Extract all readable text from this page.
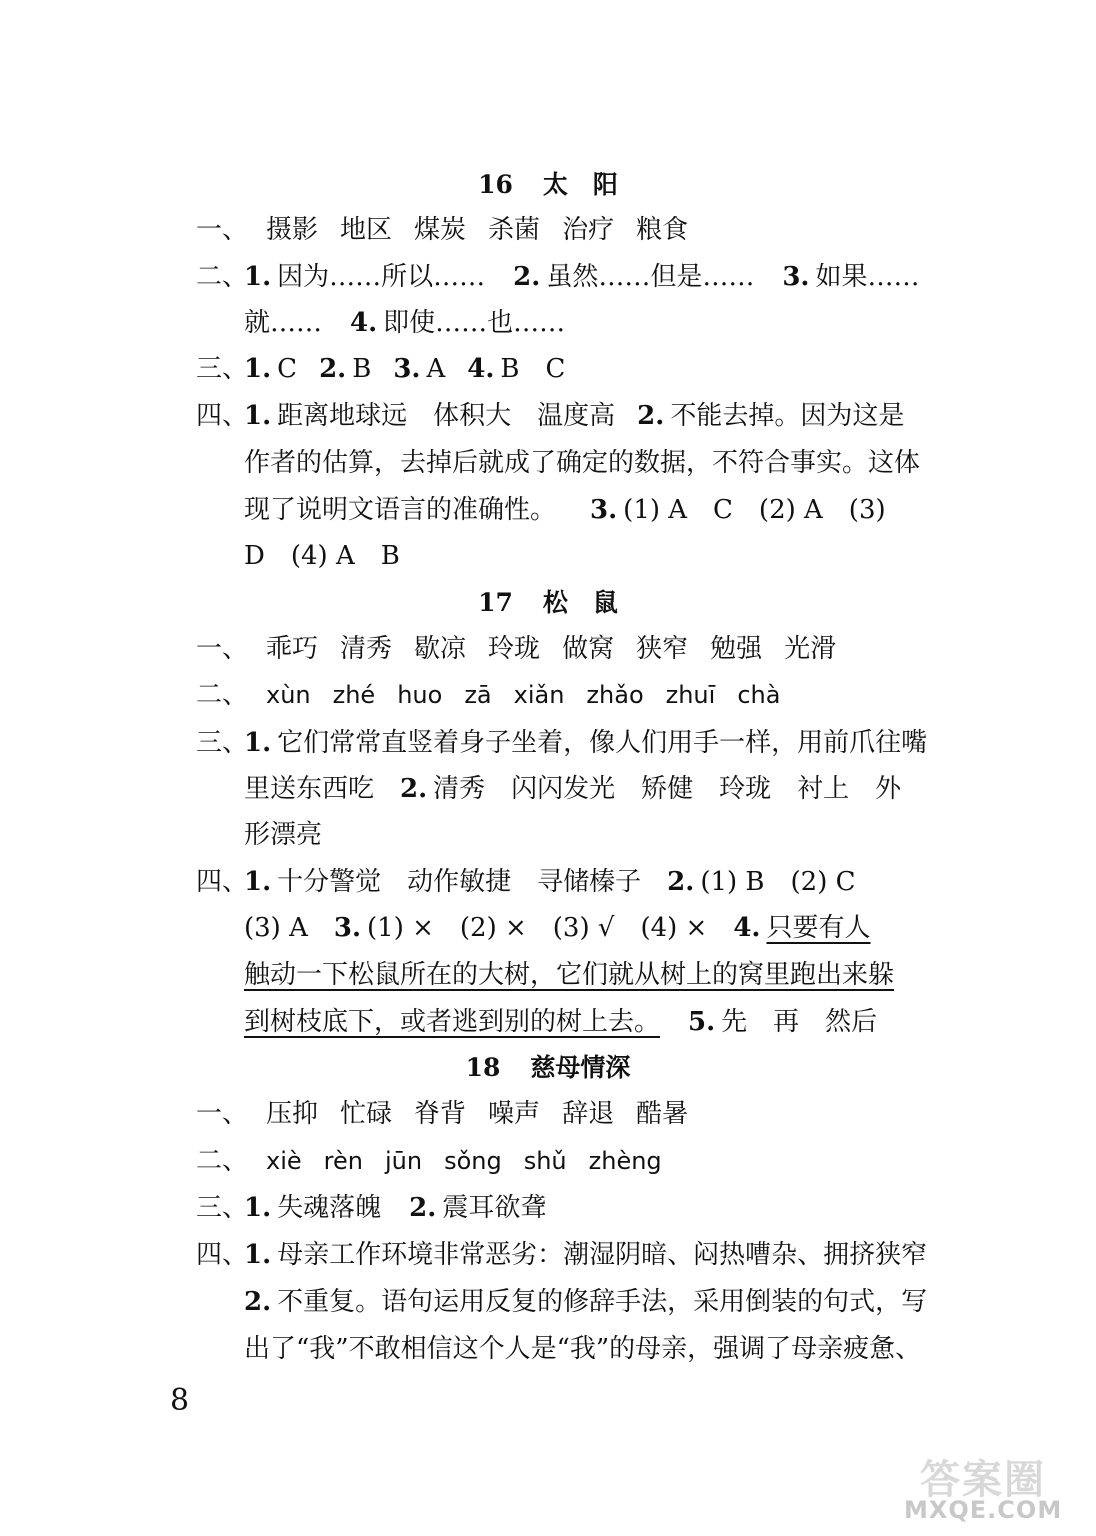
16 太　阳
一、 摄影 地区 煤炭 杀菌 治疗 粮食
二、1. 因为……所以…… 2. 虽然……但是…… 3. 如果……
就…… 4. 即使……也……
三、1. C 2. B 3. A 4. B　C
四、1. 距离地球远　体积大　温度高 2. 不能去掉。因为这是
作者的估算，去掉后就成了确定的数据，不符合事实。这体
现了说明文语言的准确性。 3. (1) A　C　(2) A　(3)
D　(4) A　B
17 松　鼠
一、 乖巧 清秀 歇凉 玲珑 做窝 狭窄 勉强 光滑
二、 xùn zhé huo zā xiǎn zhǎo zhuī chà
三、1. 它们常常直竖着身子坐着，像人们用手一样，用前爪往嘴
里送东西吃 2. 清秀　闪闪发光　矫健　玲珑　衬上　外
形漂亮
四、1. 十分警觉　动作敏捷　寻储榛子 2. (1) B　(2) C
(3) A 3. (1) ×　(2) ×　(3) √　(4) × 4. 只要有人
触动一下松鼠所在的大树，它们就从树上的窝里跑出来躲
到树枝底下，或者逃到别的树上去。 5. 先　再　然后
18 慈母情深
一、 压抑 忙碌 脊背 噪声 辞退 酷暑
二、 xiè rèn jūn sǒng shǔ zhèng
三、1. 失魂落魄 2. 震耳欲聋
四、1. 母亲工作环境非常恶劣：潮湿阴暗、闷热嘈杂、拥挤狭窄
2. 不重复。语句运用反复的修辞手法，采用倒装的句式，写
出了“我”不敢相信这个人是“我”的母亲，强调了母亲疲惫、
8
答案圈
MXQE.COM
